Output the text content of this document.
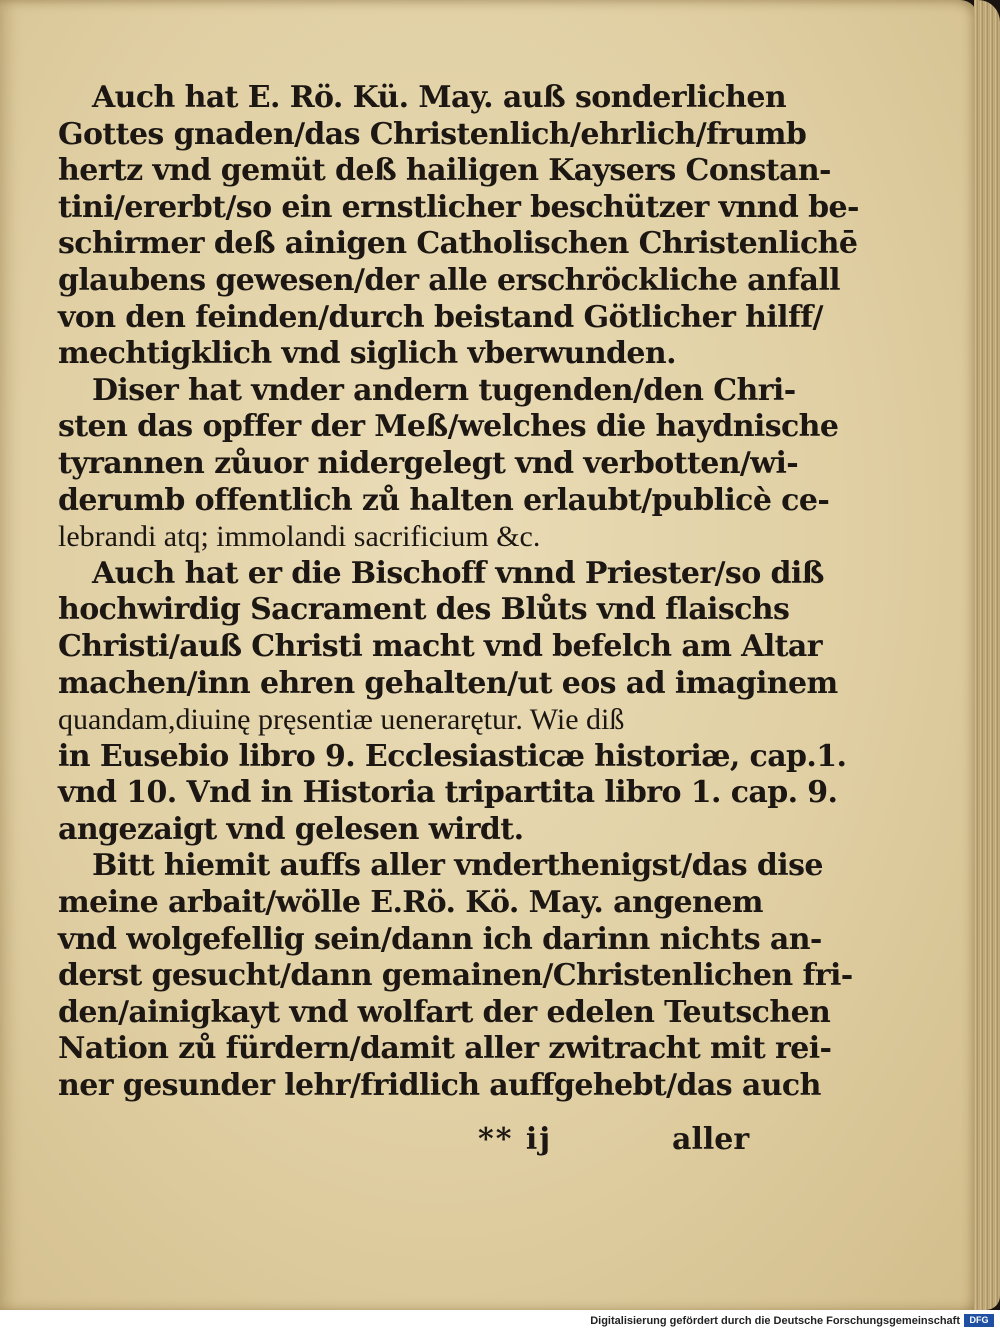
Auch hat E. Rö. Kü. May. auß sonderlichen
Gottes gnaden/das Christenlich/ehrlich/frumb
hertz vnd gemüt deß hailigen Kaysers Constan-
tini/ererbt/so ein ernstlicher beschützer vnnd be-
schirmer deß ainigen Catholischen Christenlichē
glaubens gewesen/der alle erschröckliche anfall
von den feinden/durch beistand Götlicher hilff/
mechtigklich vnd siglich vberwunden.
Diser hat vnder andern tugenden/den Chri-
sten das opffer der Meß/welches die haydnische
tyrannen zůuor nidergelegt vnd verbotten/wi-
derumb offentlich zů halten erlaubt/publicè ce-
lebrandi atq; immolandi sacrificium &c.
Auch hat er die Bischoff vnnd Priester/so diß
hochwirdig Sacrament des Blůts vnd flaischs
Christi/auß Christi macht vnd befelch am Altar
machen/inn ehren gehalten/ut eos ad imaginem
quandam,diuinę pręsentiæ uenerarętur. Wie diß
in Eusebio libro 9. Ecclesiasticæ historiæ, cap.1.
vnd 10. Vnd in Historia tripartita libro 1. cap. 9.
angezaigt vnd gelesen wirdt.
Bitt hiemit auffs aller vnderthenigst/das dise
meine arbait/wölle E.Rö. Kö. May. angenem
vnd wolgefellig sein/dann ich darinn nichts an-
derst gesucht/dann gemainen/Christenlichen fri-
den/ainigkayt vnd wolfart der edelen Teutschen
Nation zů fürdern/damit aller zwitracht mit rei-
ner gesunder lehr/fridlich auffgehebt/das auch
** ij	aller
Digitalisierung gefördert durch die Deutsche Forschungsgemeinschaft	DFG
